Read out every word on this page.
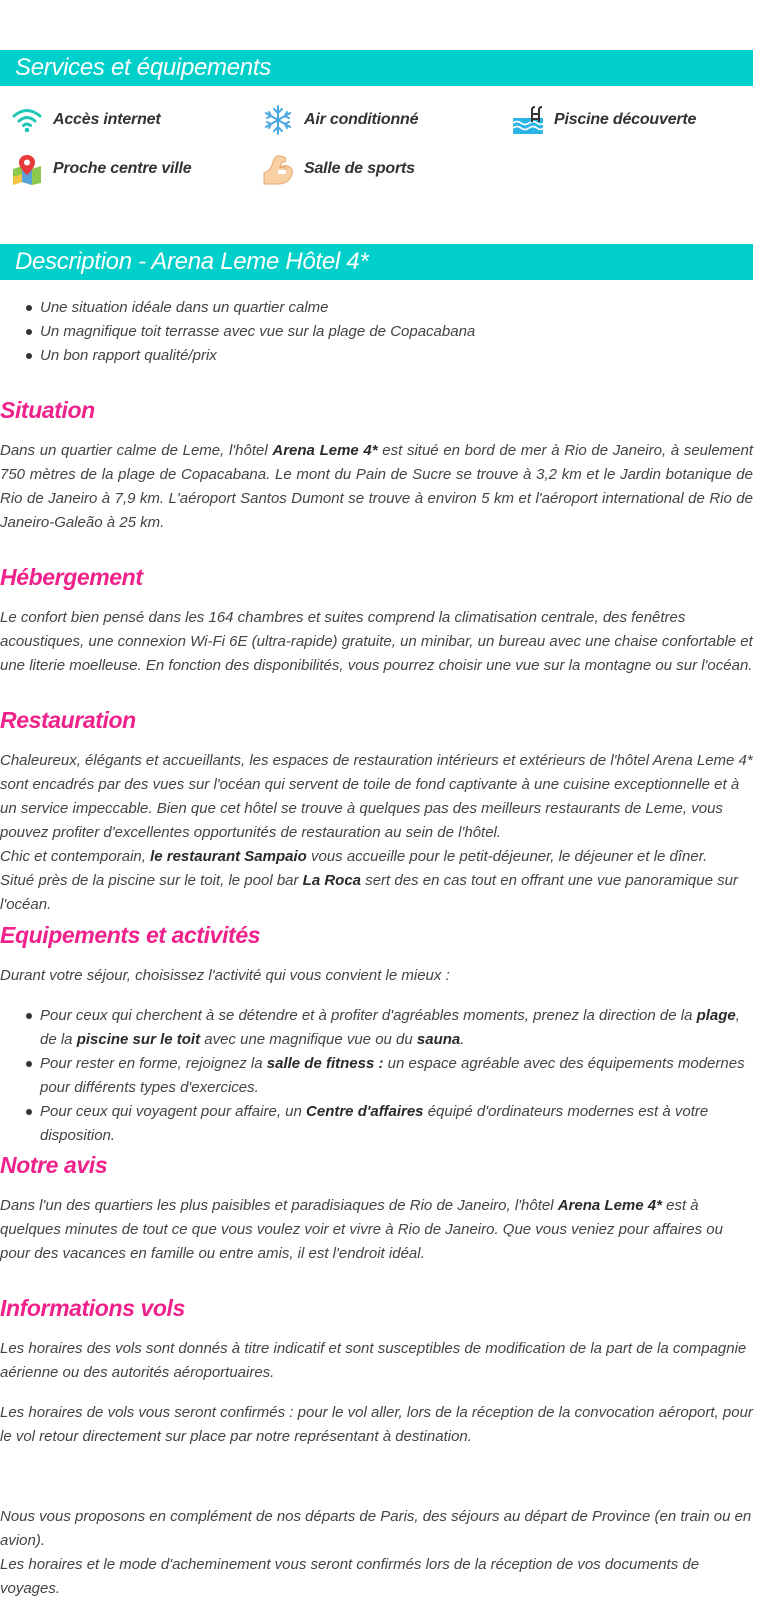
Services et équipements
Accès internet	Air conditionné	Piscine découverte
Proche centre ville	Salle de sports
Description - Arena Leme Hôtel 4*
Une situation idéale dans un quartier calme
Un magnifique toit terrasse avec vue sur la plage de Copacabana
Un bon rapport qualité/prix
Situation

Dans un quartier calme de Leme, l'hôtel Arena Leme 4* est situé en bord de mer à Rio de Janeiro, à seulement 750 mètres de la plage de Copacabana. Le mont du Pain de Sucre se trouve à 3,2 km et le Jardin botanique de Rio de Janeiro à 7,9 km. L'aéroport Santos Dumont se trouve à environ 5 km et l'aéroport international de Rio de Janeiro-Galeão à 25 km.

Hébergement

Le confort bien pensé dans les 164 chambres et suites comprend la climatisation centrale, des fenêtres acoustiques, une connexion Wi-Fi 6E (ultra-rapide) gratuite, un minibar, un bureau avec une chaise confortable et une literie moelleuse. En fonction des disponibilités, vous pourrez choisir une vue sur la montagne ou sur l'océan.

Restauration

Chaleureux, élégants et accueillants, les espaces de restauration intérieurs et extérieurs de l'hôtel Arena Leme 4* sont encadrés par des vues sur l'océan qui servent de toile de fond captivante à une cuisine exceptionnelle et à un service impeccable. Bien que cet hôtel se trouve à quelques pas des meilleurs restaurants de Leme, vous pouvez profiter d'excellentes opportunités de restauration au sein de l'hôtel.
Chic et contemporain, le restaurant Sampaio vous accueille pour le petit-déjeuner, le déjeuner et le dîner.
Situé près de la piscine sur le toit, le pool bar La Roca sert des en cas tout en offrant une vue panoramique sur l'océan.

Equipements et activités

Durant votre séjour, choisissez l'activité qui vous convient le mieux :

Pour ceux qui cherchent à se détendre et à profiter d'agréables moments, prenez la direction de la plage, de la piscine sur le toit avec une magnifique vue ou du sauna.
Pour rester en forme, rejoignez la salle de fitness : un espace agréable avec des équipements modernes pour différents types d'exercices.
Pour ceux qui voyagent pour affaire, un Centre d'affaires équipé d'ordinateurs modernes est à votre disposition.
Notre avis

Dans l'un des quartiers les plus paisibles et paradisiaques de Rio de Janeiro, l'hôtel Arena Leme 4* est à quelques minutes de tout ce que vous voulez voir et vivre à Rio de Janeiro. Que vous veniez pour affaires ou pour des vacances en famille ou entre amis, il est l'endroit idéal.

Informations vols

Les horaires des vols sont donnés à titre indicatif et sont susceptibles de modification de la part de la compagnie aérienne ou des autorités aéroportuaires.

Les horaires de vols vous seront confirmés : pour le vol aller, lors de la réception de la convocation aéroport, pour le vol retour directement sur place par notre représentant à destination.

Nous vous proposons en complément de nos départs de Paris, des séjours au départ de Province (en train ou en avion).
Les horaires et le mode d'acheminement vous seront confirmés lors de la réception de vos documents de voyages.
